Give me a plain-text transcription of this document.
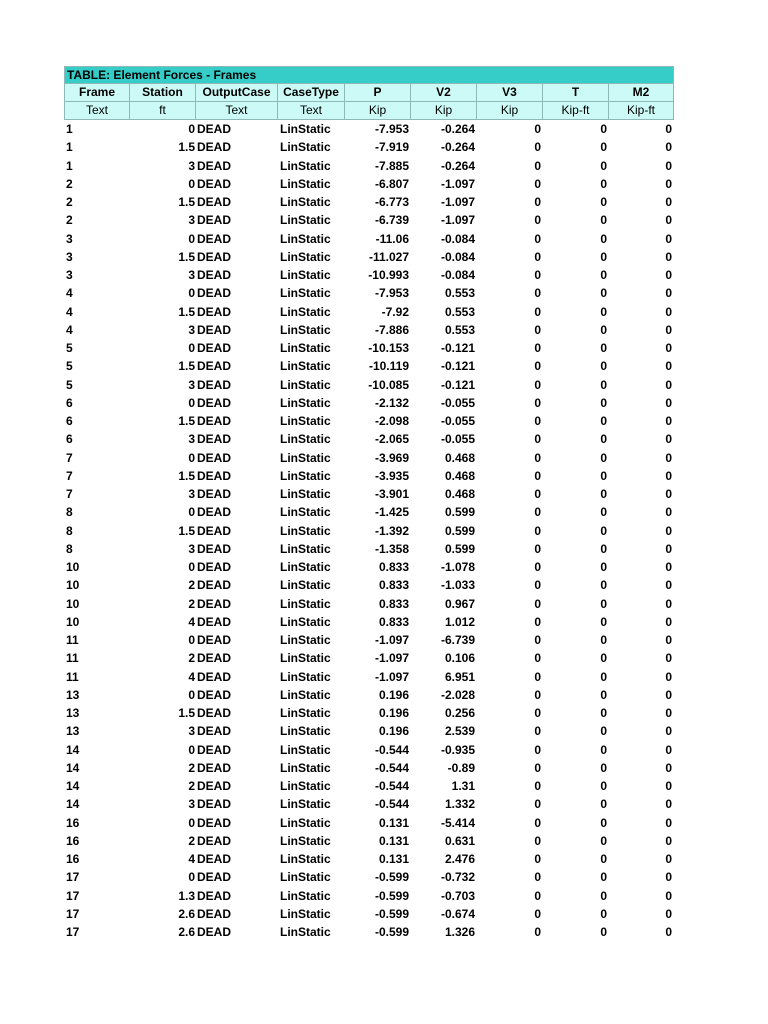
TABLE: Element Forces - Frames
Frame	Station	OutputCase	CaseType	P	V2	V3	T	M2
Text	ft	Text	Text	Kip	Kip	Kip	Kip-ft	Kip-ft
1	0 DEAD	LinStatic	-7.953	-0.264	0	0	0
1	1.5 DEAD	LinStatic	-7.919	-0.264	0	0	0
1	3 DEAD	LinStatic	-7.885	-0.264	0	0	0
2	0 DEAD	LinStatic	-6.807	-1.097	0	0	0
2	1.5 DEAD	LinStatic	-6.773	-1.097	0	0	0
2	3 DEAD	LinStatic	-6.739	-1.097	0	0	0
3	0 DEAD	LinStatic	-11.06	-0.084	0	0	0
3	1.5 DEAD	LinStatic	-11.027	-0.084	0	0	0
3	3 DEAD	LinStatic	-10.993	-0.084	0	0	0
4	0 DEAD	LinStatic	-7.953	0.553	0	0	0
4	1.5 DEAD	LinStatic	-7.92	0.553	0	0	0
4	3 DEAD	LinStatic	-7.886	0.553	0	0	0
5	0 DEAD	LinStatic	-10.153	-0.121	0	0	0
5	1.5 DEAD	LinStatic	-10.119	-0.121	0	0	0
5	3 DEAD	LinStatic	-10.085	-0.121	0	0	0
6	0 DEAD	LinStatic	-2.132	-0.055	0	0	0
6	1.5 DEAD	LinStatic	-2.098	-0.055	0	0	0
6	3 DEAD	LinStatic	-2.065	-0.055	0	0	0
7	0 DEAD	LinStatic	-3.969	0.468	0	0	0
7	1.5 DEAD	LinStatic	-3.935	0.468	0	0	0
7	3 DEAD	LinStatic	-3.901	0.468	0	0	0
8	0 DEAD	LinStatic	-1.425	0.599	0	0	0
8	1.5 DEAD	LinStatic	-1.392	0.599	0	0	0
8	3 DEAD	LinStatic	-1.358	0.599	0	0	0
10	0 DEAD	LinStatic	0.833	-1.078	0	0	0
10	2 DEAD	LinStatic	0.833	-1.033	0	0	0
10	2 DEAD	LinStatic	0.833	0.967	0	0	0
10	4 DEAD	LinStatic	0.833	1.012	0	0	0
11	0 DEAD	LinStatic	-1.097	-6.739	0	0	0
11	2 DEAD	LinStatic	-1.097	0.106	0	0	0
11	4 DEAD	LinStatic	-1.097	6.951	0	0	0
13	0 DEAD	LinStatic	0.196	-2.028	0	0	0
13	1.5 DEAD	LinStatic	0.196	0.256	0	0	0
13	3 DEAD	LinStatic	0.196	2.539	0	0	0
14	0 DEAD	LinStatic	-0.544	-0.935	0	0	0
14	2 DEAD	LinStatic	-0.544	-0.89	0	0	0
14	2 DEAD	LinStatic	-0.544	1.31	0	0	0
14	3 DEAD	LinStatic	-0.544	1.332	0	0	0
16	0 DEAD	LinStatic	0.131	-5.414	0	0	0
16	2 DEAD	LinStatic	0.131	0.631	0	0	0
16	4 DEAD	LinStatic	0.131	2.476	0	0	0
17	0 DEAD	LinStatic	-0.599	-0.732	0	0	0
17	1.3 DEAD	LinStatic	-0.599	-0.703	0	0	0
17	2.6 DEAD	LinStatic	-0.599	-0.674	0	0	0
17	2.6 DEAD	LinStatic	-0.599	1.326	0	0	0
